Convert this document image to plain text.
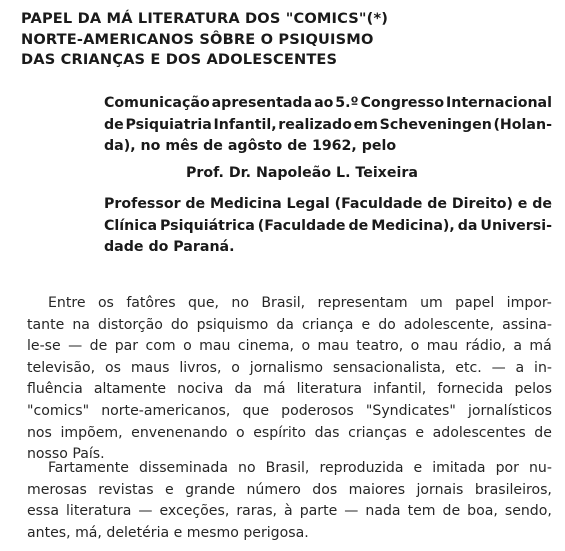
PAPEL DA MÁ LITERATURA DOS "COMICS"(*)
NORTE-AMERICANOS SÔBRE O PSIQUISMO
DAS CRIANÇAS E DOS ADOLESCENTES
Comunicação apresentada ao 5.º Congresso Internacional
de Psiquiatria Infantil, realizado em Scheveningen (Holan-
da), no mês de agôsto de 1962, pelo
Prof. Dr. Napoleão L. Teixeira
Professor de Medicina Legal (Faculdade de Direito) e de
Clínica Psiquiátrica (Faculdade de Medicina), da Universi-
dade do Paraná.
Entre os fatôres que, no Brasil, representam um papel impor-
tante na distorção do psiquismo da criança e do adolescente, assina-
le-se — de par com o mau cinema, o mau teatro, o mau rádio, a má
televisão, os maus livros, o jornalismo sensacionalista, etc. — a in-
fluência altamente nociva da má literatura infantil, fornecida pelos
"comics" norte-americanos, que poderosos "Syndicates" jornalísticos
nos impõem, envenenando o espírito das crianças e adolescentes de
nosso País.
Fartamente disseminada no Brasil, reproduzida e imitada por nu-
merosas revistas e grande número dos maiores jornais brasileiros,
essa literatura — exceções, raras, à parte — nada tem de boa, sendo,
antes, má, deletéria e mesmo perigosa.
